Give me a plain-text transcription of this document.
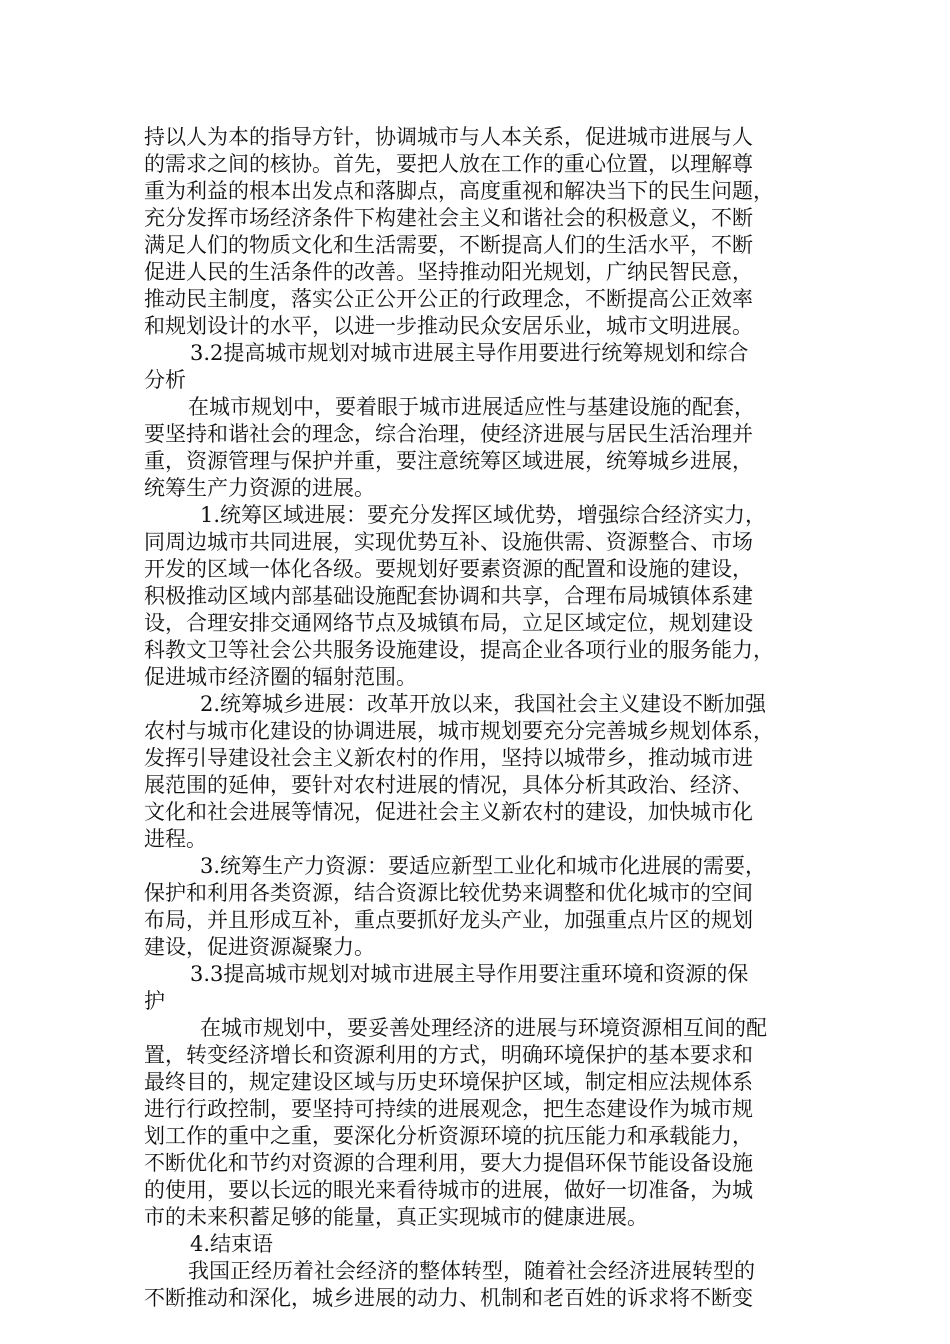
持以人为本的指导方针，协调城市与人本关系，促进城市进展与人
的需求之间的核协。首先，要把人放在工作的重心位置，以理解尊
重为利益的根本出发点和落脚点，高度重视和解决当下的民生问题，
充分发挥市场经济条件下构建社会主义和谐社会的积极意义，不断
满足人们的物质文化和生活需要，不断提高人们的生活水平，不断
促进人民的生活条件的改善。坚持推动阳光规划，广纳民智民意，
推动民主制度，落实公正公开公正的行政理念，不断提高公正效率
和规划设计的水平，以进一步推动民众安居乐业，城市文明进展。
3.2提高城市规划对城市进展主导作用要进行统筹规划和综合
分析
在城市规划中，要着眼于城市进展适应性与基建设施的配套，
要坚持和谐社会的理念，综合治理，使经济进展与居民生活治理并
重，资源管理与保护并重，要注意统筹区域进展，统筹城乡进展，
统筹生产力资源的进展。
1.统筹区域进展：要充分发挥区域优势，增强综合经济实力，
同周边城市共同进展，实现优势互补、设施供需、资源整合、市场
开发的区域一体化各级。要规划好要素资源的配置和设施的建设，
积极推动区域内部基础设施配套协调和共享，合理布局城镇体系建
设，合理安排交通网络节点及城镇布局，立足区域定位，规划建设
科教文卫等社会公共服务设施建设，提高企业各项行业的服务能力，
促进城市经济圈的辐射范围。
2.统筹城乡进展：改革开放以来，我国社会主义建设不断加强
农村与城市化建设的协调进展，城市规划要充分完善城乡规划体系，
发挥引导建设社会主义新农村的作用，坚持以城带乡，推动城市进
展范围的延伸，要针对农村进展的情况，具体分析其政治、经济、
文化和社会进展等情况，促进社会主义新农村的建设，加快城市化
进程。
3.统筹生产力资源：要适应新型工业化和城市化进展的需要，
保护和利用各类资源，结合资源比较优势来调整和优化城市的空间
布局，并且形成互补，重点要抓好龙头产业，加强重点片区的规划
建设，促进资源凝聚力。
3.3提高城市规划对城市进展主导作用要注重环境和资源的保
护
在城市规划中，要妥善处理经济的进展与环境资源相互间的配
置，转变经济增长和资源利用的方式，明确环境保护的基本要求和
最终目的，规定建设区域与历史环境保护区域，制定相应法规体系
进行行政控制，要坚持可持续的进展观念，把生态建设作为城市规
划工作的重中之重，要深化分析资源环境的抗压能力和承载能力，
不断优化和节约对资源的合理利用，要大力提倡环保节能设备设施
的使用，要以长远的眼光来看待城市的进展，做好一切准备，为城
市的未来积蓄足够的能量，真正实现城市的健康进展。
4.结束语
我国正经历着社会经济的整体转型，随着社会经济进展转型的
不断推动和深化，城乡进展的动力、机制和老百姓的诉求将不断变
